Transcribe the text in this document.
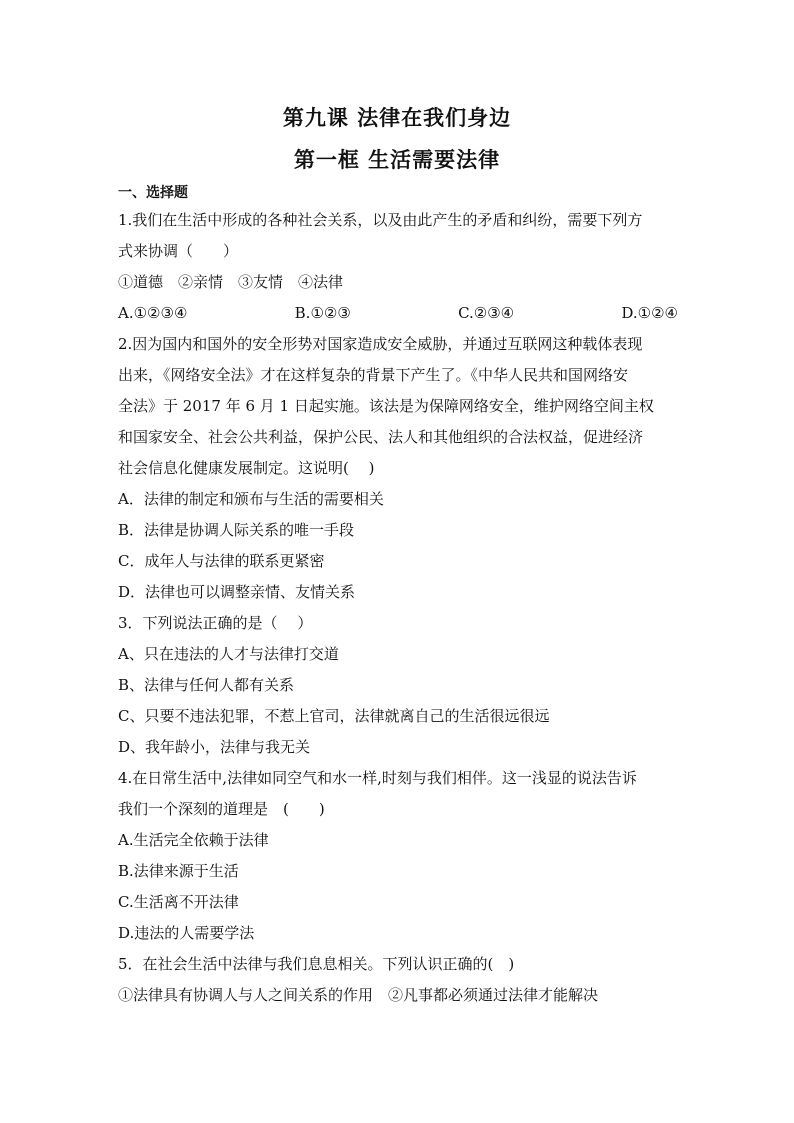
第九课 法律在我们身边
第一框 生活需要法律
一、选择题
1.我们在生活中形成的各种社会关系，以及由此产生的矛盾和纠纷，需要下列方
式来协调（　　）
①道德　②亲情　③友情　④法律
A.①②③④	B.①②③	C.②③④	D.①②④
2.因为国内和国外的安全形势对国家造成安全威胁，并通过互联网这种载体表现
出来，《网络安全法》才在这样复杂的背景下产生了。《中华人民共和国网络安
全法》于 2017 年 6 月 1 日起实施。该法是为保障网络安全，维护网络空间主权
和国家安全、社会公共利益，保护公民、法人和其他组织的合法权益，促进经济
社会信息化健康发展制定。这说明(　 )
A．法律的制定和颁布与生活的需要相关
B．法律是协调人际关系的唯一手段
C．成年人与法律的联系更紧密
D．法律也可以调整亲情、友情关系
3．下列说法正确的是（　 ）
A、只在违法的人才与法律打交道
B、法律与任何人都有关系
C、只要不违法犯罪，不惹上官司，法律就离自己的生活很远很远
D、我年龄小，法律与我无关
4.在日常生活中,法律如同空气和水一样,时刻与我们相伴。这一浅显的说法告诉
我们一个深刻的道理是　(　　)
A.生活完全依赖于法律
B.法律来源于生活
C.生活离不开法律
D.违法的人需要学法
5．在社会生活中法律与我们息息相关。下列认识正确的(　)
①法律具有协调人与人之间关系的作用　②凡事都必须通过法律才能解决
